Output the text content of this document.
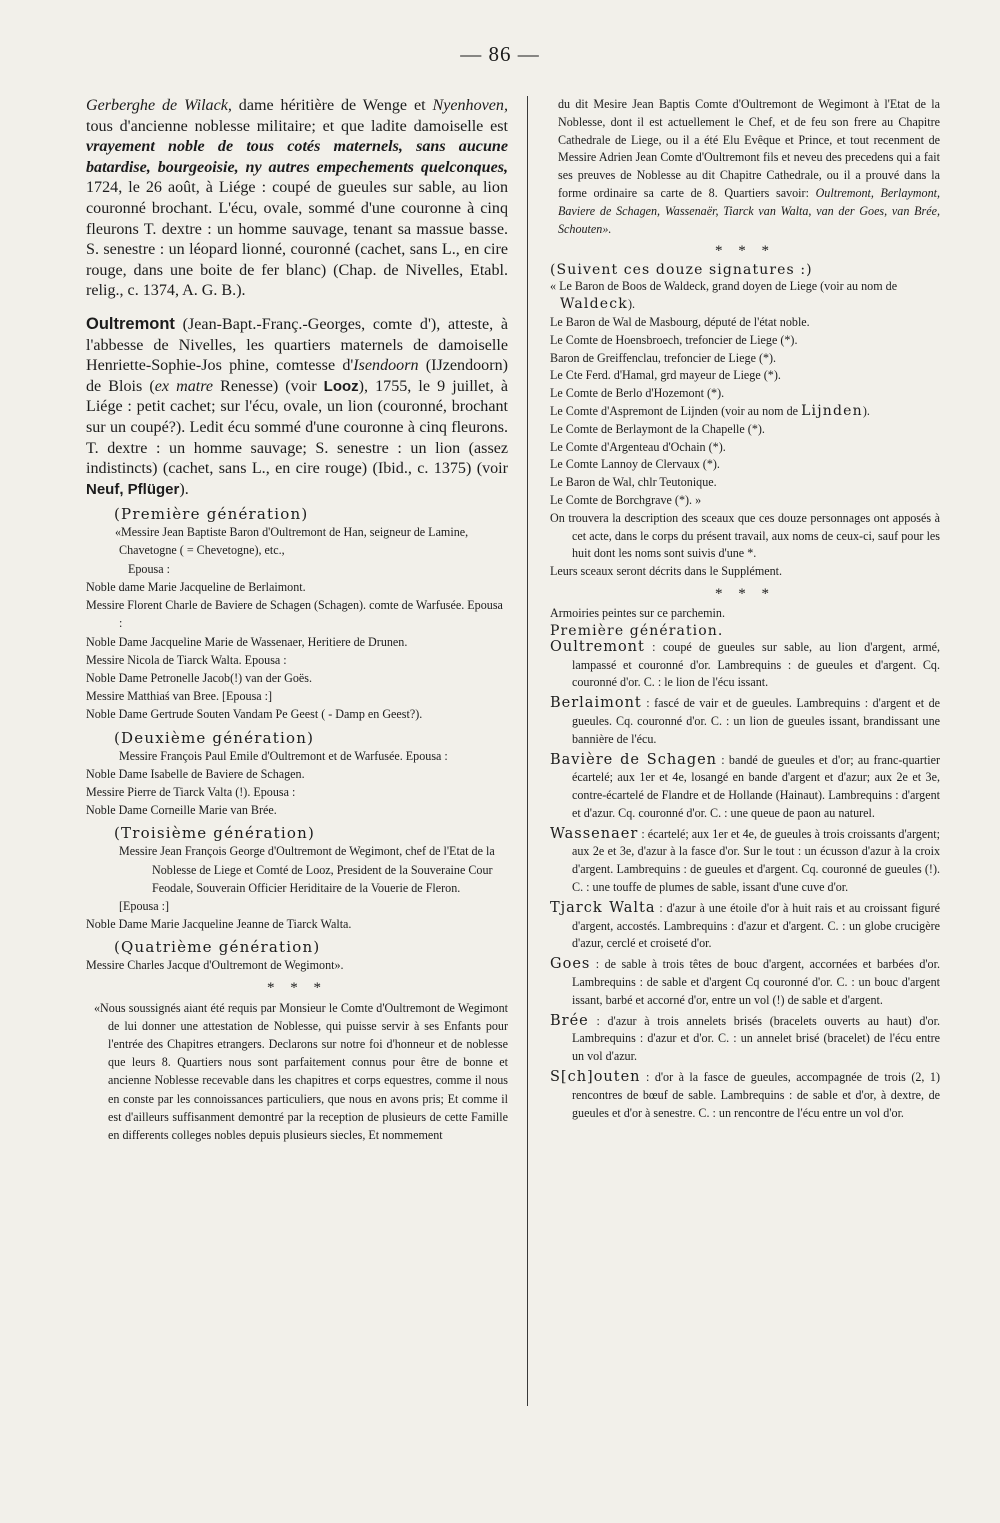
— 86 —

Gerberghe de Wilack, dame héritière de Wenge et Nyenhoven, tous d'ancienne noblesse militaire; et que ladite damoiselle est vrayement noble de tous cotés maternels, sans aucune batardise, bourgeoisie, ny autres empechements quelconques, 1724, le 26 août, à Liége : coupé de gueules sur sable, au lion couronné brochant. L'écu, ovale, sommé d'une couronne à cinq fleurons T. dextre : un homme sauvage, tenant sa massue basse. S. senestre : un léopard lionné, couronné (cachet, sans L., en cire rouge, dans une boite de fer blanc) (Chap. de Nivelles, Etabl. relig., c. 1374, A. G. B.).

Oultremont (Jean-Bapt.-Franç.-Georges, comte d'), atteste, à l'abbesse de Nivelles, les quartiers maternels de damoiselle Henriette-Sophie-Jos phine, comtesse d'Isendoorn (IJzendoorn) de Blois (ex matre Renesse) (voir Looz), 1755, le 9 juillet, à Liége : petit cachet; sur l'écu, ovale, un lion (couronné, brochant sur un coupé?). Ledit écu sommé d'une couronne à cinq fleurons. T. dextre : un homme sauvage; S. senestre : un lion (assez indistincts) (cachet, sans L., en cire rouge) (Ibid., c. 1375) (voir Neuf, Pflüger).

(Première génération)

«Messire Jean Baptiste Baron d'Oultremont de Han, seigneur de Lamine, Chavetogne ( = Chevetogne), etc.,

Epousa :

Noble dame Marie Jacqueline de Berlaimont.

Messire Florent Charle de Baviere de Schagen (Schagen). comte de Warfusée. Epousa :

Noble Dame Jacqueline Marie de Wassenaer, Heritiere de Drunen.

Messire Nicola de Tiarck Walta. Epousa :

Noble Dame Petronelle Jacob(!) van der Goës.

Messire Matthiaś van Bree. [Epousa :]

Noble Dame Gertrude Souten Vandam Pe Geest ( - Damp en Geest?).

(Deuxième génération)

Messire François Paul Emile d'Oultremont et de Warfusée. Epousa :

Noble Dame Isabelle de Baviere de Schagen.

Messire Pierre de Tiarck Valta (!). Epousa :

Noble Dame Corneille Marie van Brée.

(Troisième génération)

Messire Jean François George d'Oultremont de Wegimont, chef de l'Etat de la Noblesse de Liege et Comté de Looz, President de la Souveraine Cour Feodale, Souverain Officier Heriditaire de la Vouerie de Fleron.

[Epousa :]

Noble Dame Marie Jacqueline Jeanne de Tiarck Walta.

(Quatrième génération)

Messire Charles Jacque d'Oultremont de Wegimont».

* * *

«Nous soussignés aiant été requis par Monsieur le Comte d'Oultremont de Wegimont de lui donner une attestation de Noblesse, qui puisse servir à ses Enfants pour l'entrée des Chapitres etrangers. Declarons sur notre foi d'honneur et de noblesse que leurs 8. Quartiers nous sont parfaitement connus pour être de bonne et ancienne Noblesse recevable dans les chapitres et corps equestres, comme il nous en conste par les connoissances particuliers, que nous en avons pris; Et comme il est d'ailleurs suffisanment demontré par la reception de plusieurs de cette Famille en differents colleges nobles depuis plusieurs siecles, Et nommement

du dit Mesire Jean Baptis Comte d'Oultremont de Wegimont à l'Etat de la Noblesse, dont il est actuellement le Chef, et de feu son frere au Chapitre Cathedrale de Liege, ou il a été Elu Evêque et Prince, et tout recenment de Messire Adrien Jean Comte d'Oultremont fils et neveu des precedens qui a fait ses preuves de Noblesse au dit Chapitre Cathedrale, ou il a prouvé dans la forme ordinaire sa carte de 8. Quartiers savoir: Oultremont, Berlaymont, Baviere de Schagen, Wassenaër, Tiarck van Walta, van der Goes, van Brée, Schouten».

* * *
(Suivent ces douze signatures :)

« Le Baron de Boos de Waldeck, grand doyen de Liege (voir au nom de Waldeck).

Le Baron de Wal de Masbourg, député de l'état noble.

Le Comte de Hoensbroech, trefoncier de Liege (*).

Baron de Greiffenclau, trefoncier de Liege (*).

Le Cte Ferd. d'Hamal, grd mayeur de Liege (*).

Le Comte de Berlo d'Hozemont (*).

Le Comte d'Aspremont de Lijnden (voir au nom de Lijnden).

Le Comte de Berlaymont de la Chapelle (*).

Le Comte d'Argenteau d'Ochain (*).

Le Comte Lannoy de Clervaux (*).

Le Baron de Wal, chlr Teutonique.

Le Comte de Borchgrave (*). »

On trouvera la description des sceaux que ces douze personnages ont apposés à cet acte, dans le corps du présent travail, aux noms de ceux-ci, sauf pour les huit dont les noms sont suivis d'une *.

Leurs sceaux seront décrits dans le Supplément.

* * *

Armoiries peintes sur ce parchemin.

Première génération.

Oultremont : coupé de gueules sur sable, au lion d'argent, armé, lampassé et couronné d'or. Lambrequins : de gueules et d'argent. Cq. couronné d'or. C. : le lion de l'écu issant.

Berlaimont : fascé de vair et de gueules. Lambrequins : d'argent et de gueules. Cq. couronné d'or. C. : un lion de gueules issant, brandissant une bannière de l'écu.

Bavière de Schagen : bandé de gueules et d'or; au franc-quartier écartelé; aux 1er et 4e, losangé en bande d'argent et d'azur; aux 2e et 3e, contre-écartelé de Flandre et de Hollande (Hainaut). Lambrequins : d'argent et d'azur. Cq. couronné d'or. C. : une queue de paon au naturel.

Wassenaer : écartelé; aux 1er et 4e, de gueules à trois croissants d'argent; aux 2e et 3e, d'azur à la fasce d'or. Sur le tout : un écusson d'azur à la croix d'argent. Lambrequins : de gueules et d'argent. Cq. couronné de gueules (!). C. : une touffe de plumes de sable, issant d'une cuve d'or.

Tjarck Walta : d'azur à une étoile d'or à huit rais et au croissant figuré d'argent, accostés. Lambrequins : d'azur et d'argent. C. : un globe crucigère d'azur, cerclé et croiseté d'or.

Goes : de sable à trois têtes de bouc d'argent, accornées et barbées d'or. Lambrequins : de sable et d'argent Cq couronné d'or. C. : un bouc d'argent issant, barbé et accorné d'or, entre un vol (!) de sable et d'argent.

Brée : d'azur à trois annelets brisés (bracelets ouverts au haut) d'or. Lambrequins : d'azur et d'or. C. : un annelet brisé (bracelet) de l'écu entre un vol d'azur.

S[ch]outen : d'or à la fasce de gueules, accompagnée de trois (2, 1) rencontres de bœuf de sable. Lambrequins : de sable et d'or, à dextre, de gueules et d'or à senestre. C. : un rencontre de l'écu entre un vol d'or.
